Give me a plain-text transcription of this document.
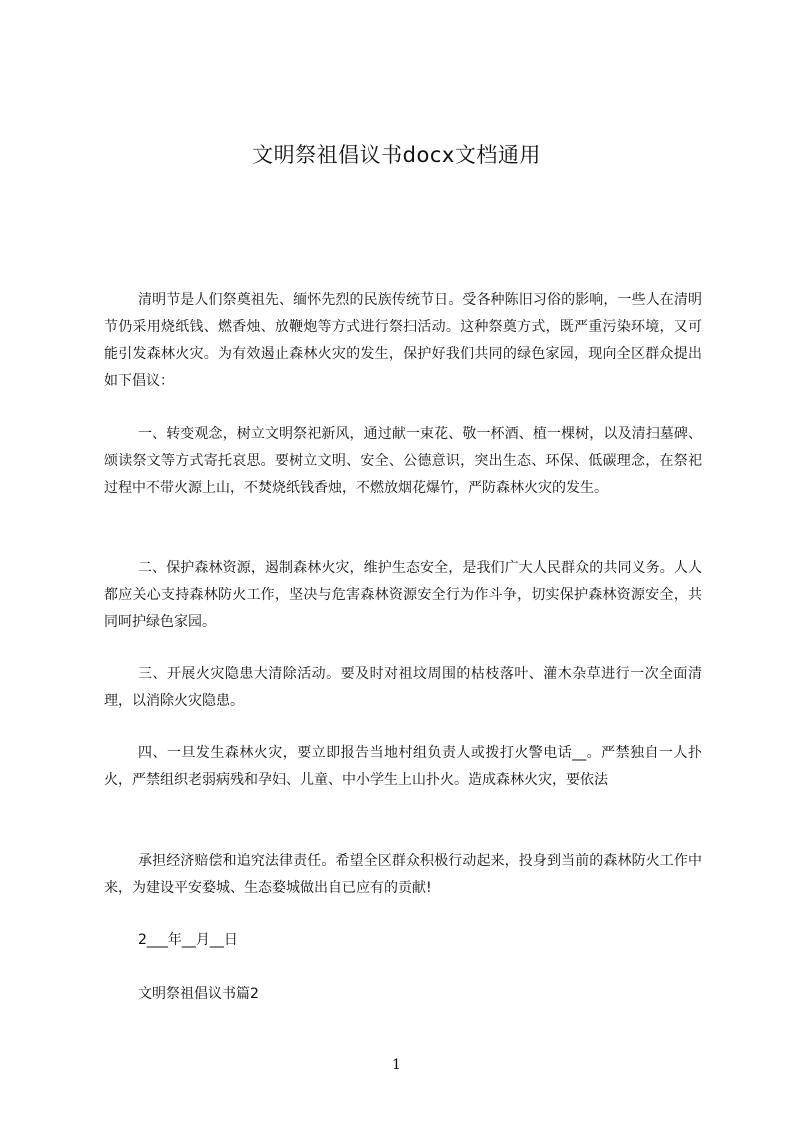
文明祭祖倡议书docx文档通用

清明节是人们祭奠祖先、缅怀先烈的民族传统节日。受各种陈旧习俗的影响，一些人在清明节仍采用烧纸钱、燃香烛、放鞭炮等方式进行祭扫活动。这种祭奠方式，既严重污染环境，又可能引发森林火灾。为有效遏止森林火灾的发生，保护好我们共同的绿色家园，现向全区群众提出如下倡议：

一、转变观念，树立文明祭祀新风，通过献一束花、敬一杯酒、植一棵树，以及清扫墓碑、颂读祭文等方式寄托哀思。要树立文明、安全、公德意识，突出生态、环保、低碳理念，在祭祀过程中不带火源上山，不焚烧纸钱香烛，不燃放烟花爆竹，严防森林火灾的发生。

二、保护森林资源，遏制森林火灾，维护生态安全，是我们广大人民群众的共同义务。人人都应关心支持森林防火工作，坚决与危害森林资源安全行为作斗争，切实保护森林资源安全，共同呵护绿色家园。

三、开展火灾隐患大清除活动。要及时对祖坟周围的枯枝落叶、灌木杂草进行一次全面清理，以消除火灾隐患。

四、一旦发生森林火灾，要立即报告当地村组负责人或拨打火警电话__。严禁独自一人扑火，严禁组织老弱病残和孕妇、儿童、中小学生上山扑火。造成森林火灾，要依法

承担经济赔偿和追究法律责任。希望全区群众积极行动起来，投身到当前的森林防火工作中来，为建设平安婺城、生态婺城做出自已应有的贡献!

2___年__月__日

文明祭祖倡议书篇2

1
